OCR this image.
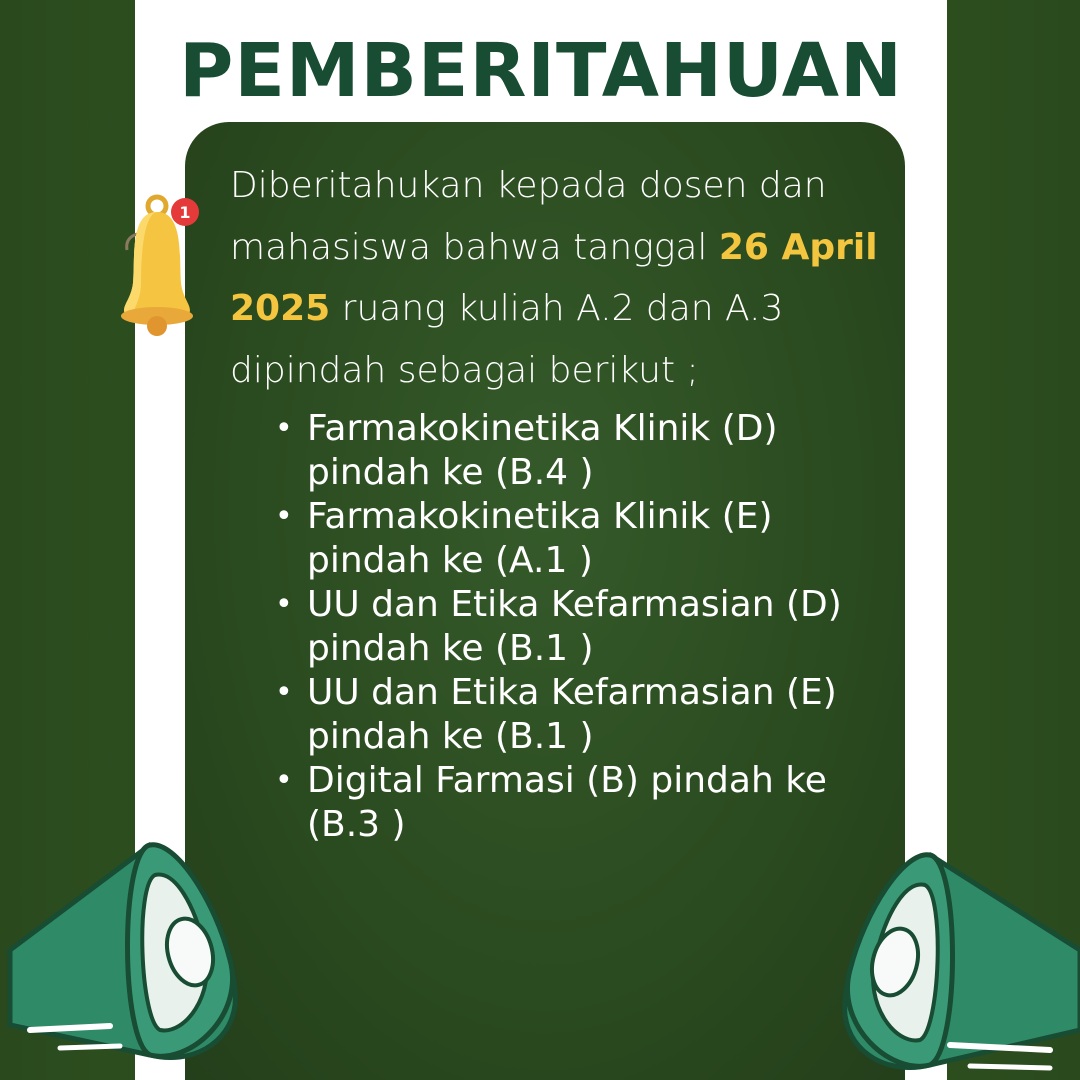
PEMBERITAHUAN

Diberitahukan kepada dosen dan mahasiswa bahwa tanggal 26 April 2025 ruang kuliah A.2 dan A.3 dipindah sebagai berikut ;

• Farmakokinetika Klinik (D) pindah ke (B.4 )
• Farmakokinetika Klinik (E) pindah ke (A.1 )
• UU dan Etika Kefarmasian (D) pindah ke (B.1 )
• UU dan Etika Kefarmasian (E) pindah ke (B.1 )
• Digital Farmasi (B) pindah ke (B.3 )
1
